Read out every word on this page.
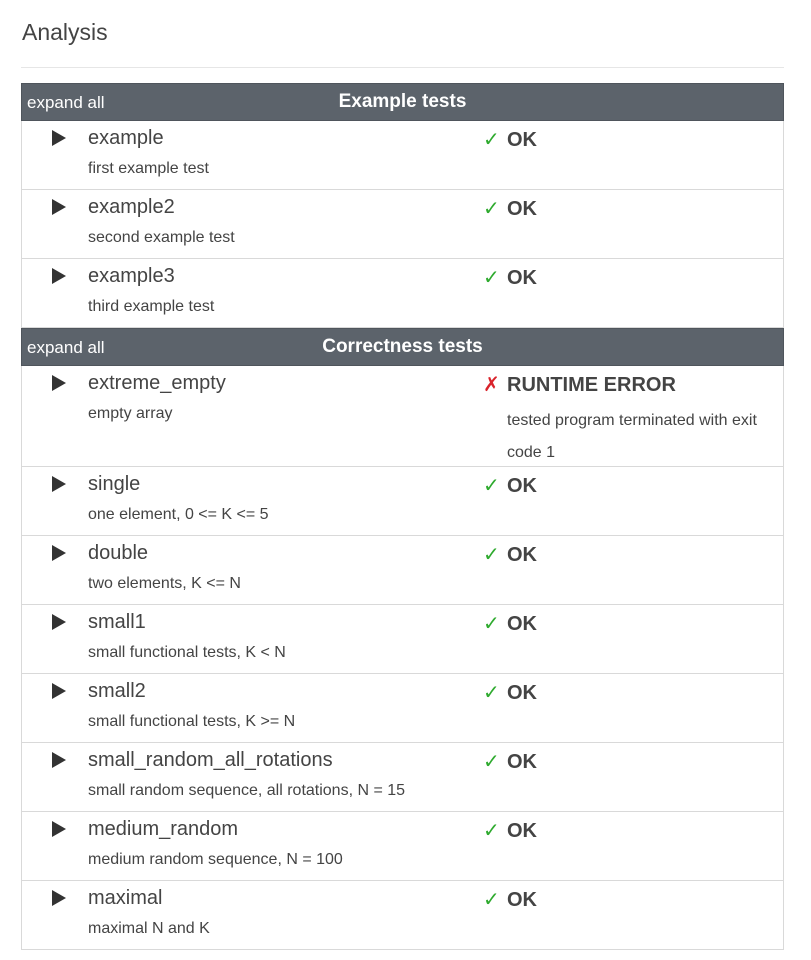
Analysis
expand all	Example tests
example
first example test
✓ OK
example2
second example test
✓ OK
example3
third example test
✓ OK
expand all	Correctness tests
extreme_empty
empty array
✗ RUNTIME ERROR
tested program terminated with exit code 1
single
one element, 0 <= K <= 5
✓ OK
double
two elements, K <= N
✓ OK
small1
small functional tests, K < N
✓ OK
small2
small functional tests, K >= N
✓ OK
small_random_all_rotations
small random sequence, all rotations, N = 15
✓ OK
medium_random
medium random sequence, N = 100
✓ OK
maximal
maximal N and K
✓ OK
